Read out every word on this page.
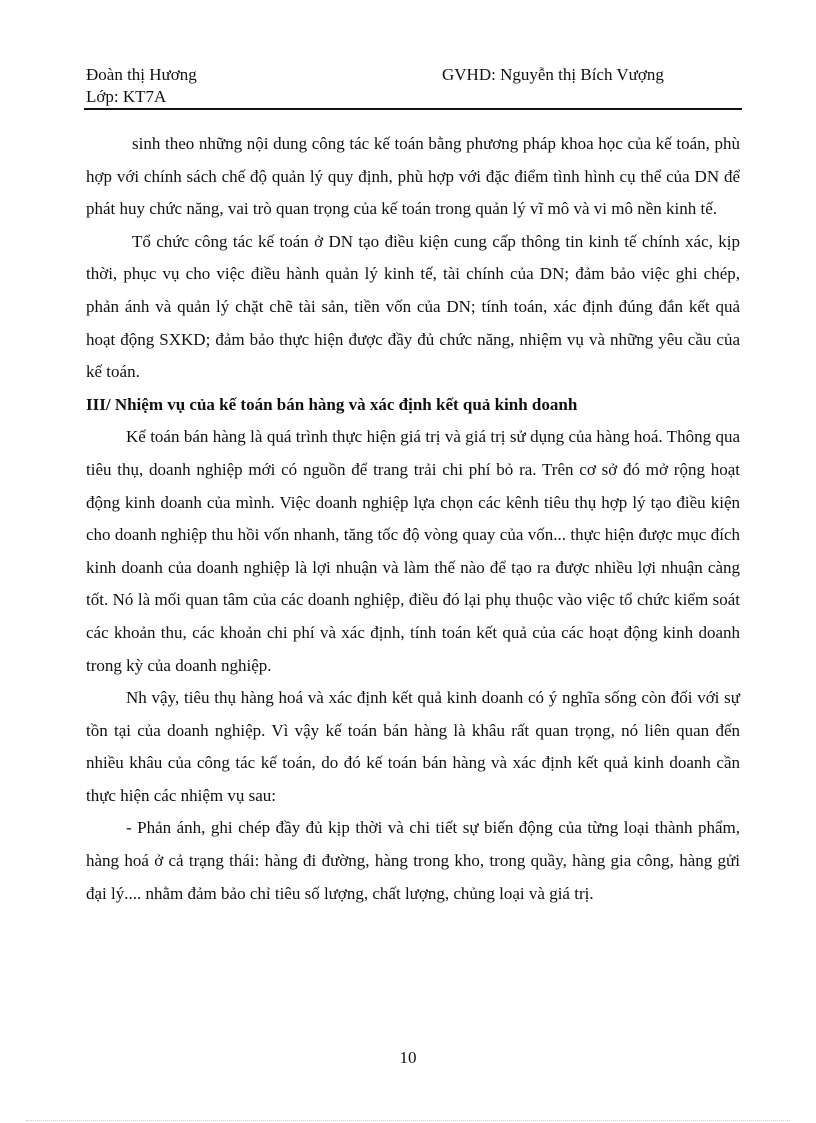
Đoàn thị Hương	GVHD: Nguyễn thị Bích Vượng
Lớp: KT7A

sinh theo những nội dung công tác kế toán bằng phương pháp khoa học của kế toán, phù hợp với chính sách chế độ quản lý quy định, phù hợp với đặc điểm tình hình cụ thể của DN để phát huy chức năng, vai trò quan trọng của kế toán trong quản lý vĩ mô và vi mô nền kinh tế.

Tổ chức công tác kế toán ở DN tạo điều kiện cung cấp thông tin kinh tế chính xác, kịp thời, phục vụ cho việc điều hành quản lý kinh tế, tài chính của DN; đảm bảo việc ghi chép, phản ánh và quản lý chặt chẽ tài sản, tiền vốn của DN; tính toán, xác định đúng đắn kết quả hoạt động SXKD; đảm bảo thực hiện được đầy đủ chức năng, nhiệm vụ và những yêu cầu của kế toán.

III/ Nhiệm vụ của kế toán bán hàng và xác định kết quả kinh doanh

Kế toán bán hàng là quá trình thực hiện giá trị và giá trị sử dụng của hàng hoá. Thông qua tiêu thụ, doanh nghiệp mới có nguồn để trang trải chi phí bỏ ra. Trên cơ sở đó mở rộng hoạt động kinh doanh của mình. Việc doanh nghiệp lựa chọn các kênh tiêu thụ hợp lý tạo điều kiện cho doanh nghiệp thu hồi vốn nhanh, tăng tốc độ vòng quay của vốn... thực hiện được mục đích kinh doanh của doanh nghiệp là lợi nhuận và làm thế nào để tạo ra được nhiều lợi nhuận càng tốt. Nó là mối quan tâm của các doanh nghiệp, điều đó lại phụ thuộc vào việc tổ chức kiểm soát các khoản thu, các khoản chi phí và xác định, tính toán kết quả của các hoạt động kinh doanh trong kỳ của doanh nghiệp.

Nh vậy, tiêu thụ hàng hoá và xác định kết quả kinh doanh có ý nghĩa sống còn đối với sự tồn tại của doanh nghiệp. Vì vậy kế toán bán hàng là khâu rất quan trọng, nó liên quan đến nhiều khâu của công tác kế toán, do đó kế toán bán hàng và xác định kết quả kinh doanh cần thực hiện các nhiệm vụ sau:

- Phản ánh, ghi chép đầy đủ kịp thời và chi tiết sự biến động của từng loại thành phẩm, hàng hoá ở cả trạng thái: hàng đi đường, hàng trong kho, trong quầy, hàng gia công, hàng gửi đại lý.... nhằm đảm bảo chỉ tiêu số lượng, chất lượng, chủng loại và giá trị.

10
